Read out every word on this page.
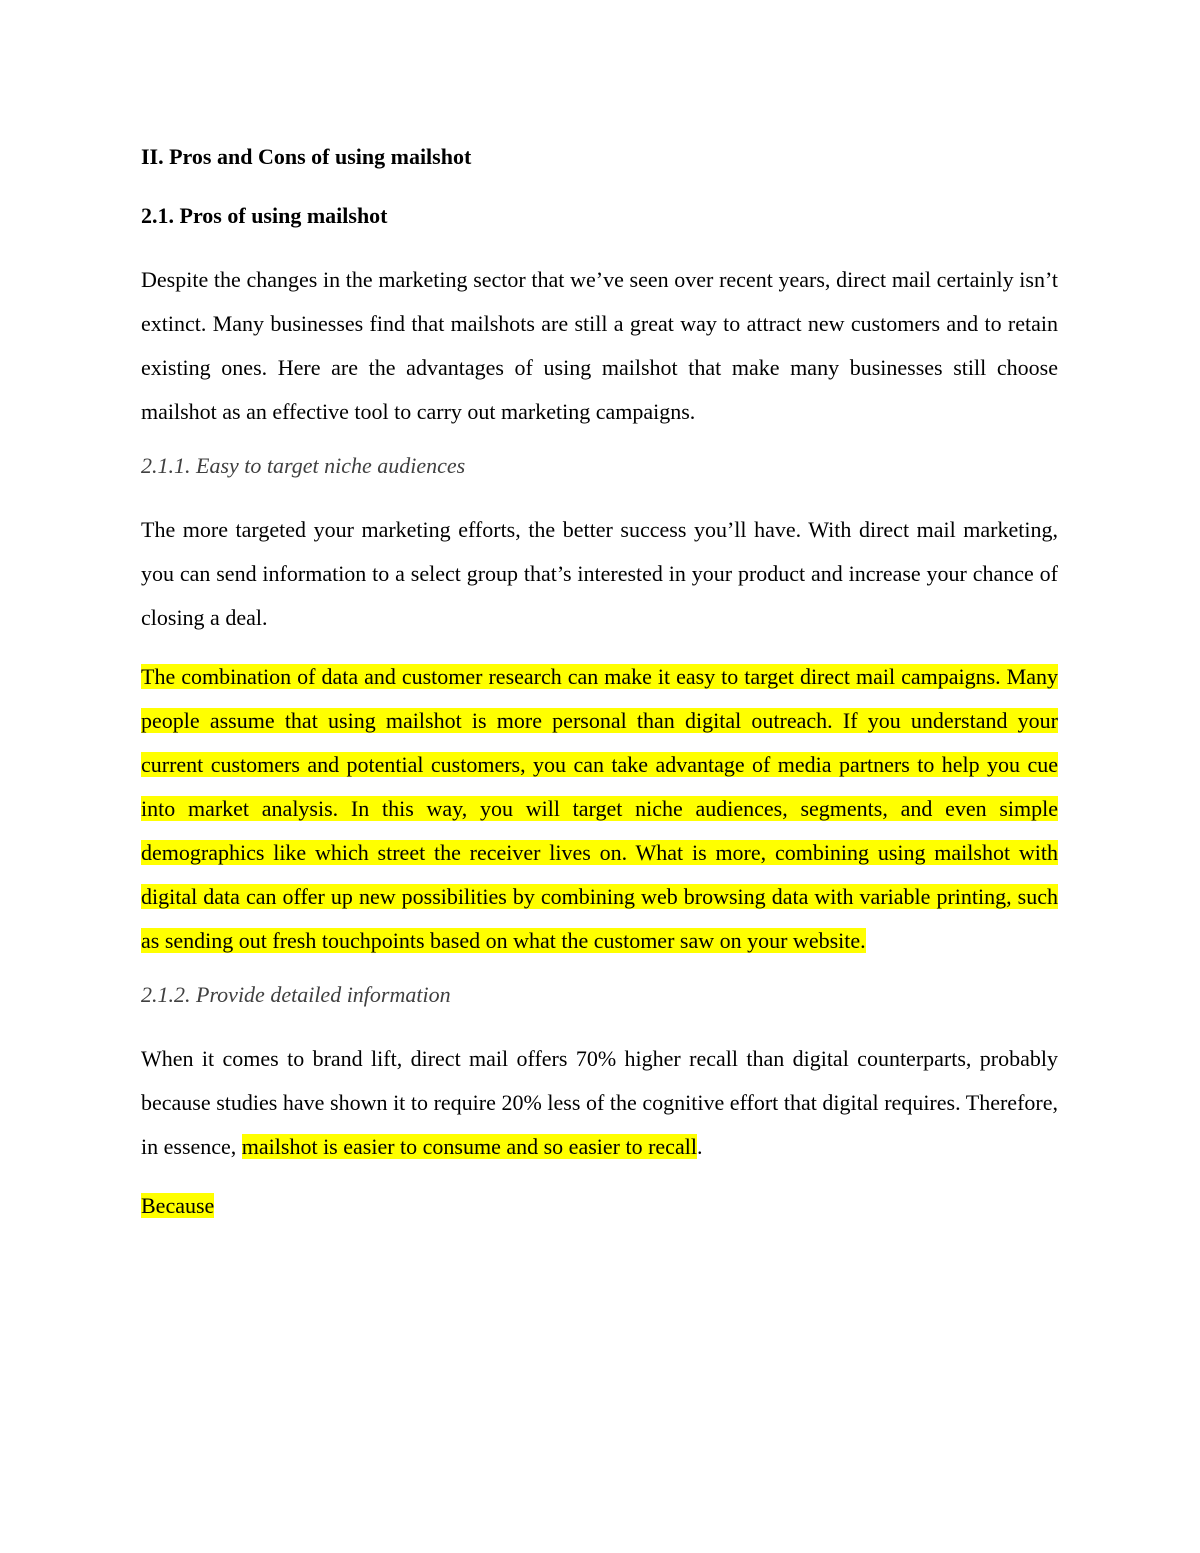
II. Pros and Cons of using mailshot
2.1. Pros of using mailshot

Despite the changes in the marketing sector that we’ve seen over recent years, direct mail certainly isn’t extinct. Many businesses find that mailshots are still a great way to attract new customers and to retain existing ones. Here are the advantages of using mailshot that make many businesses still choose mailshot as an effective tool to carry out marketing campaigns.

2.1.1. Easy to target niche audiences

The more targeted your marketing efforts, the better success you’ll have. With direct mail marketing, you can send information to a select group that’s interested in your product and increase your chance of closing a deal.

The combination of data and customer research can make it easy to target direct mail campaigns. Many people assume that using mailshot is more personal than digital outreach. If you understand your current customers and potential customers, you can take advantage of media partners to help you cue into market analysis. In this way, you will target niche audiences, segments, and even simple demographics like which street the receiver lives on. What is more, combining using mailshot with digital data can offer up new possibilities by combining web browsing data with variable printing, such as sending out fresh touchpoints based on what the customer saw on your website.

2.1.2. Provide detailed information

When it comes to brand lift, direct mail offers 70% higher recall than digital counterparts, probably because studies have shown it to require 20% less of the cognitive effort that digital requires. Therefore, in essence, mailshot is easier to consume and so easier to recall.

Because
